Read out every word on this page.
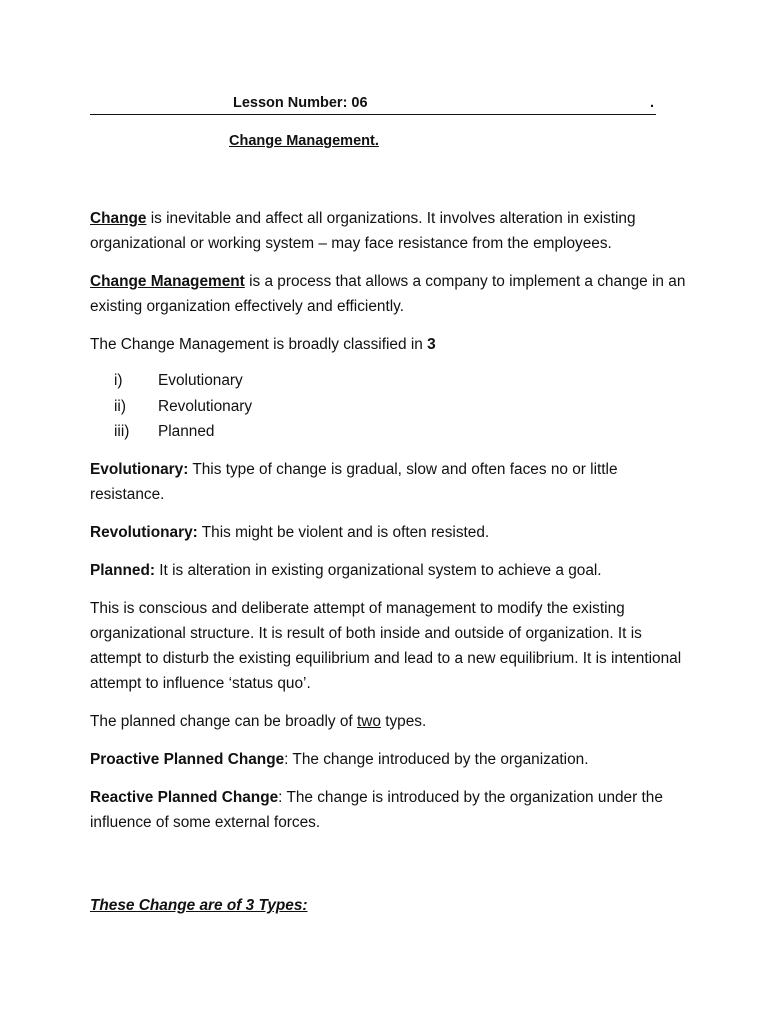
Lesson Number: 06	.
Change Management.

Change is inevitable and affect all organizations. It involves alteration in existing organizational or working system – may face resistance from the employees.

Change Management is a process that allows a company to implement a change in an existing organization effectively and efficiently.

The Change Management is broadly classified in 3

i) Evolutionary
ii) Revolutionary
iii) Planned

Evolutionary: This type of change is gradual, slow and often faces no or little resistance.

Revolutionary: This might be violent and is often resisted.

Planned: It is alteration in existing organizational system to achieve a goal.

This is conscious and deliberate attempt of management to modify the existing organizational structure. It is result of both inside and outside of organization. It is attempt to disturb the existing equilibrium and lead to a new equilibrium. It is intentional attempt to influence ‘status quo’.

The planned change can be broadly of two types.

Proactive Planned Change: The change introduced by the organization.

Reactive Planned Change: The change is introduced by the organization under the influence of some external forces.

These Change are of 3 Types:
